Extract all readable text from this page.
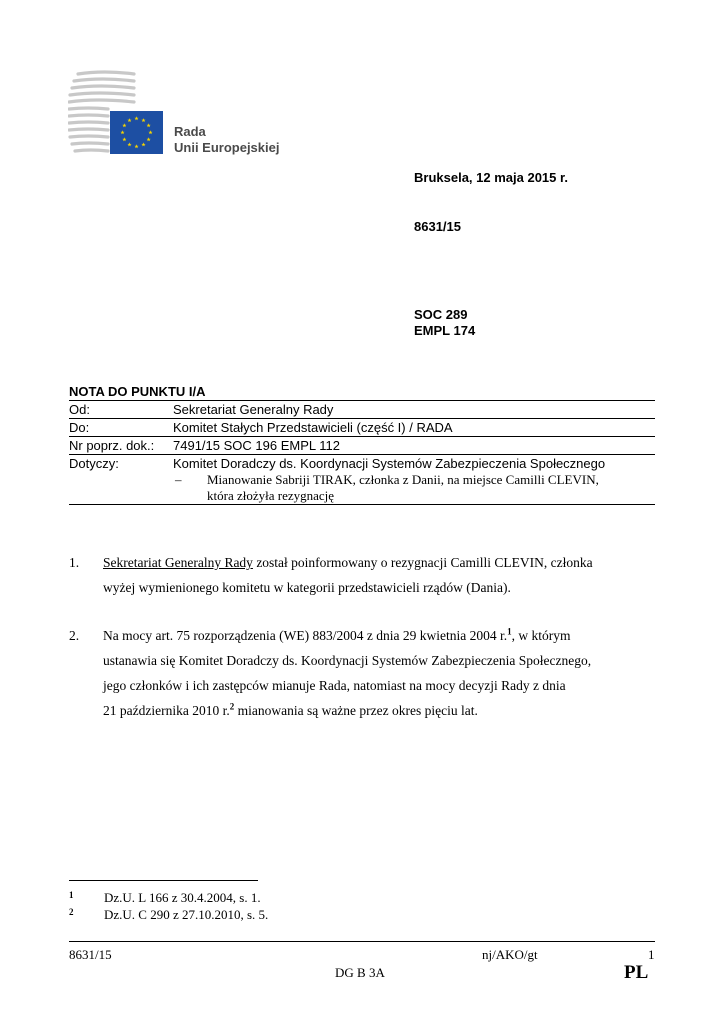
Rada
Unii Europejskiej
Bruksela, 12 maja 2015 r.
8631/15
SOC 289
EMPL 174
NOTA DO PUNKTU I/A
Od:	Sekretariat Generalny Rady
Do:	Komitet Stałych Przedstawicieli (część I) / RADA
Nr poprz. dok.:	7491/15 SOC 196 EMPL 112
Dotyczy:	Komitet Doradczy ds. Koordynacji Systemów Zabezpieczenia Społecznego
–	Mianowanie Sabriji TIRAK, członka z Danii, na miejsce Camilli CLEVIN,
która złożyła rezygnację
1. Sekretariat Generalny Rady został poinformowany o rezygnacji Camilli CLEVIN, członka
wyżej wymienionego komitetu w kategorii przedstawicieli rządów (Dania).
2. Na mocy art. 75 rozporządzenia (WE) 883/2004 z dnia 29 kwietnia 2004 r.$^1$, w którym
ustanawia się Komitet Doradczy ds. Koordynacji Systemów Zabezpieczenia Społecznego,
jego członków i ich zastępców mianuje Rada, natomiast na mocy decyzji Rady z dnia
21 października 2010 r.$^2$ mianowania są ważne przez okres pięciu lat.
1 Dz.U. L 166 z 30.4.2004, s. 1.
2 Dz.U. C 290 z 27.10.2010, s. 5.
8631/15	nj/AKO/gt	1
DG B 3A	PL
